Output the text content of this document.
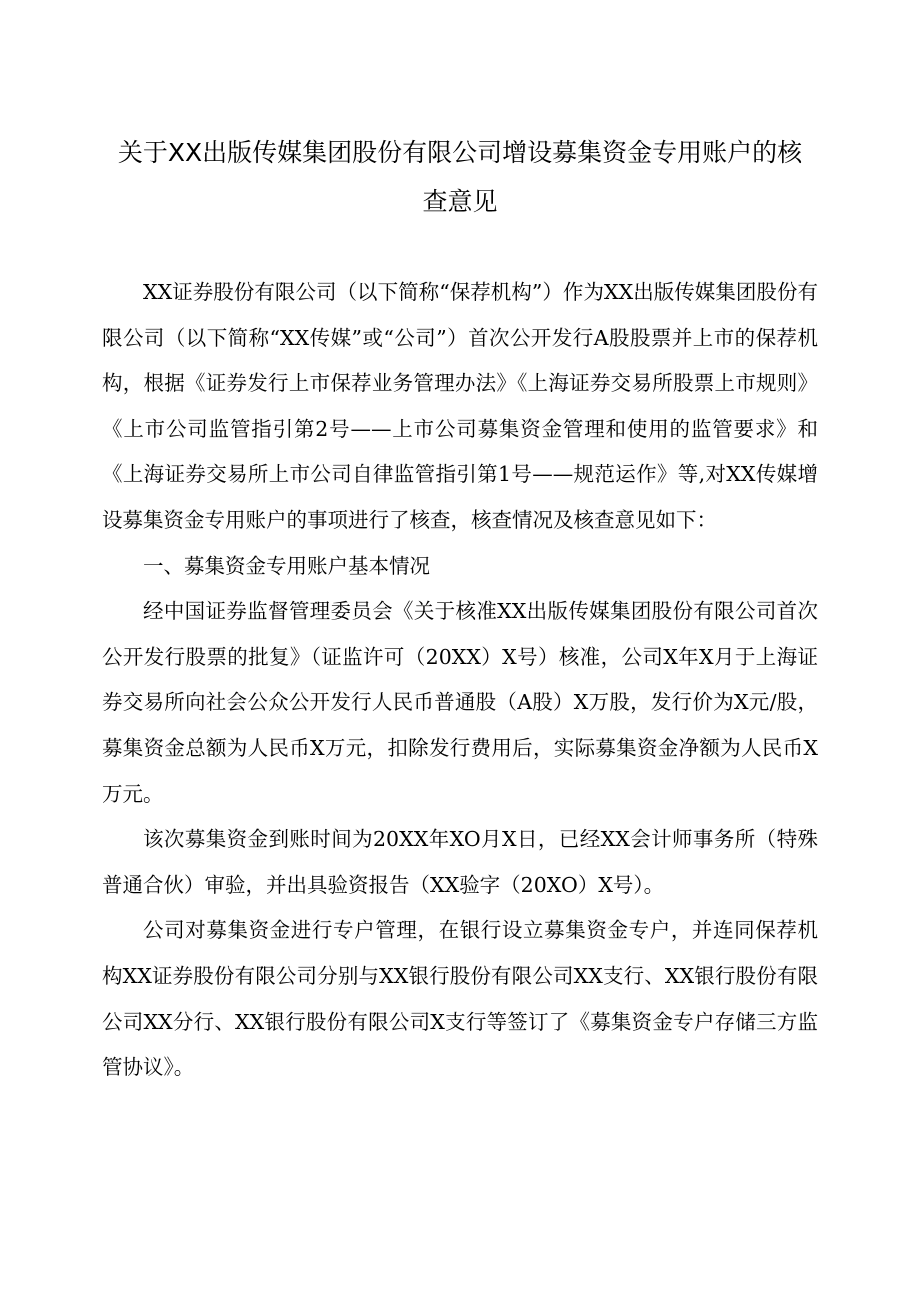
关于XX出版传媒集团股份有限公司增设募集资金专用账户的核
查意见

XX证券股份有限公司（以下简称“保荐机构”）作为XX出版传媒集团股份有限公司（以下简称“XX传媒”或“公司”）首次公开发行A股股票并上市的保荐机构，根据《证券发行上市保荐业务管理办法》《上海证券交易所股票上市规则》《上市公司监管指引第2号——上市公司募集资金管理和使用的监管要求》和《上海证券交易所上市公司自律监管指引第1号——规范运作》等,对XX传媒增设募集资金专用账户的事项进行了核查，核查情况及核查意见如下：

一、募集资金专用账户基本情况

经中国证券监督管理委员会《关于核准XX出版传媒集团股份有限公司首次公开发行股票的批复》（证监许可（20XX）X号）核准，公司X年X月于上海证券交易所向社会公众公开发行人民币普通股（A股）X万股，发行价为X元/股，募集资金总额为人民币X万元，扣除发行费用后，实际募集资金净额为人民币X万元。

该次募集资金到账时间为20XX年XO月X日，已经XX会计师事务所（特殊普通合伙）审验，并出具验资报告（XX验字（20XO）X号）。

公司对募集资金进行专户管理，在银行设立募集资金专户，并连同保荐机构XX证券股份有限公司分别与XX银行股份有限公司XX支行、XX银行股份有限公司XX分行、XX银行股份有限公司X支行等签订了《募集资金专户存储三方监管协议》。
